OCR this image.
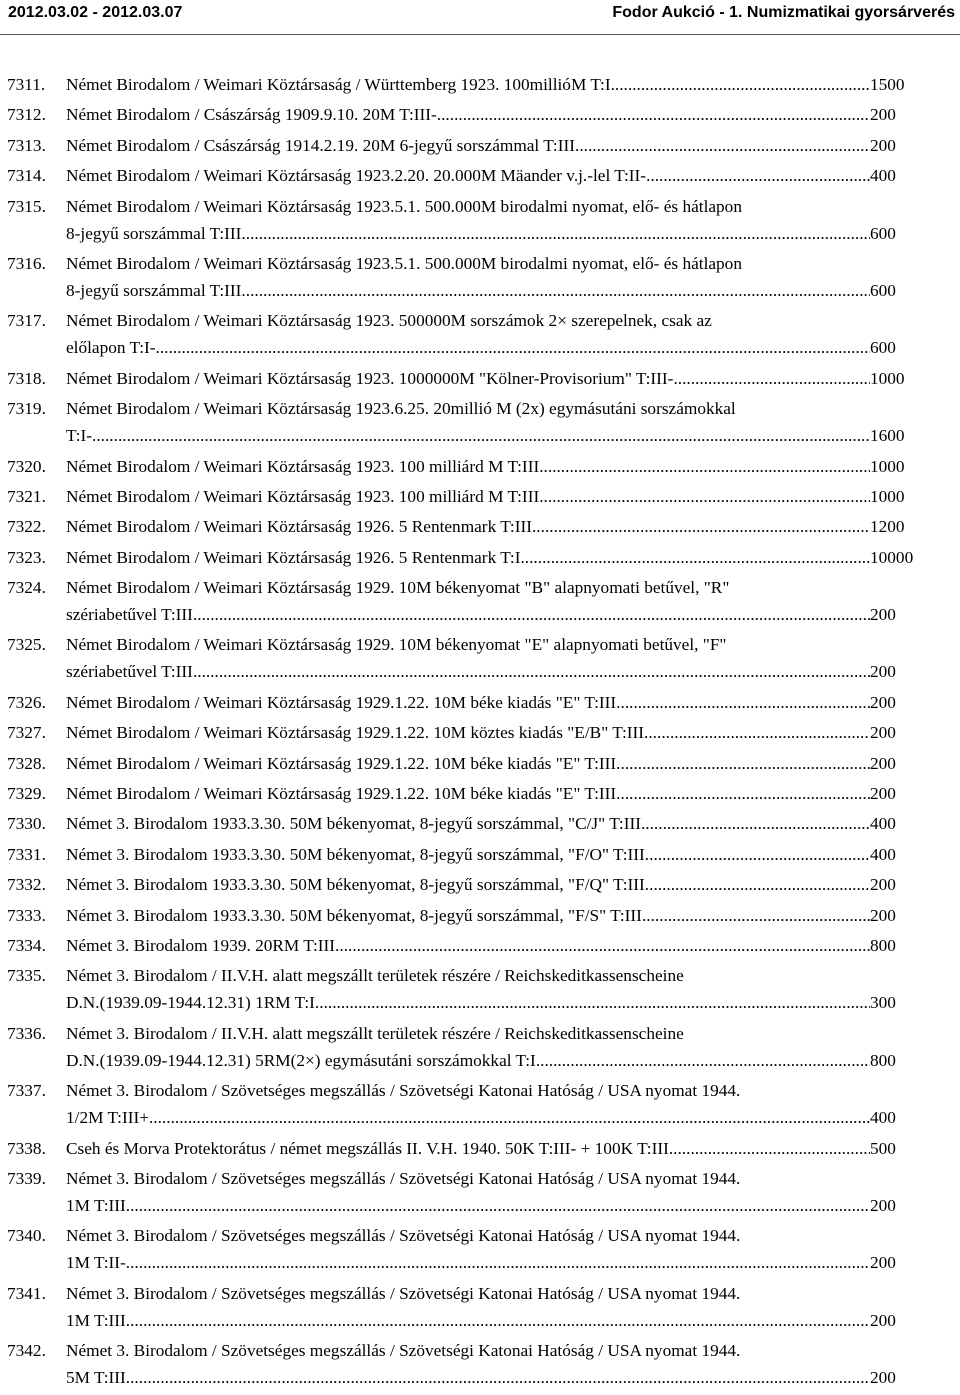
2012.03.02 - 2012.03.07	Fodor Aukció - 1. Numizmatikai gyorsárverés
7311. Német Birodalom / Weimari Köztársaság / Württemberg 1923. 100millióM T:I .....	1500
7312. Német Birodalom / Császárság 1909.9.10. 20M T:III- .....	200
7313. Német Birodalom / Császárság 1914.2.19. 20M 6-jegyű sorszámmal T:III .....	200
7314. Német Birodalom / Weimari Köztársaság 1923.2.20. 20.000M Mäander v.j.-lel T:II- .....	400
7315. Német Birodalom / Weimari Köztársaság 1923.5.1. 500.000M birodalmi nyomat, elő- és hátlapon
8-jegyű sorszámmal T:III .....	600
7316. Német Birodalom / Weimari Köztársaság 1923.5.1. 500.000M birodalmi nyomat, elő- és hátlapon
8-jegyű sorszámmal T:III .....	600
7317. Német Birodalom / Weimari Köztársaság 1923. 500000M sorszámok 2× szerepelnek, csak az
előlapon T:I- .....	600
7318. Német Birodalom / Weimari Köztársaság 1923. 1000000M "Kölner-Provisorium" T:III- .....	1000
7319. Német Birodalom / Weimari Köztársaság 1923.6.25. 20millió M (2x) egymásutáni sorszámokkal
T:I- .....	1600
7320. Német Birodalom / Weimari Köztársaság 1923. 100 milliárd M T:III .....	1000
7321. Német Birodalom / Weimari Köztársaság 1923. 100 milliárd M T:III .....	1000
7322. Német Birodalom / Weimari Köztársaság 1926. 5 Rentenmark T:III .....	1200
7323. Német Birodalom / Weimari Köztársaság 1926. 5 Rentenmark T:I .....	10000
7324. Német Birodalom / Weimari Köztársaság 1929. 10M békenyomat "B" alapnyomati betűvel, "R"
szériabetűvel T:III .....	200
7325. Német Birodalom / Weimari Köztársaság 1929. 10M békenyomat "E" alapnyomati betűvel, "F"
szériabetűvel T:III .....	200
7326. Német Birodalom / Weimari Köztársaság 1929.1.22. 10M béke kiadás "E" T:III .....	200
7327. Német Birodalom / Weimari Köztársaság 1929.1.22. 10M köztes kiadás "E/B" T:III .....	200
7328. Német Birodalom / Weimari Köztársaság 1929.1.22. 10M béke kiadás "E" T:III .....	200
7329. Német Birodalom / Weimari Köztársaság 1929.1.22. 10M béke kiadás "E" T:III .....	200
7330. Német 3. Birodalom 1933.3.30. 50M békenyomat, 8-jegyű sorszámmal, "C/J" T:III .....	400
7331. Német 3. Birodalom 1933.3.30. 50M békenyomat, 8-jegyű sorszámmal, "F/O" T:III .....	400
7332. Német 3. Birodalom 1933.3.30. 50M békenyomat, 8-jegyű sorszámmal, "F/Q" T:III .....	200
7333. Német 3. Birodalom 1933.3.30. 50M békenyomat, 8-jegyű sorszámmal, "F/S" T:III .....	200
7334. Német 3. Birodalom 1939. 20RM T:III .....	800
7335. Német 3. Birodalom / II.V.H. alatt megszállt területek részére / Reichskeditkassenscheine
D.N.(1939.09-1944.12.31) 1RM T:I .....	300
7336. Német 3. Birodalom / II.V.H. alatt megszállt területek részére / Reichskeditkassenscheine
D.N.(1939.09-1944.12.31) 5RM(2×) egymásutáni sorszámokkal T:I .....	800
7337. Német 3. Birodalom / Szövetséges megszállás / Szövetségi Katonai Hatóság / USA nyomat 1944.
1/2M T:III+ .....	400
7338. Cseh és Morva Protektorátus / német megszállás II. V.H. 1940. 50K T:III- + 100K T:III .....	500
7339. Német 3. Birodalom / Szövetséges megszállás / Szövetségi Katonai Hatóság / USA nyomat 1944.
1M T:III .....	200
7340. Német 3. Birodalom / Szövetséges megszállás / Szövetségi Katonai Hatóság / USA nyomat 1944.
1M T:II- .....	200
7341. Német 3. Birodalom / Szövetséges megszállás / Szövetségi Katonai Hatóság / USA nyomat 1944.
1M T:III .....	200
7342. Német 3. Birodalom / Szövetséges megszállás / Szövetségi Katonai Hatóság / USA nyomat 1944.
5M T:III .....	200
